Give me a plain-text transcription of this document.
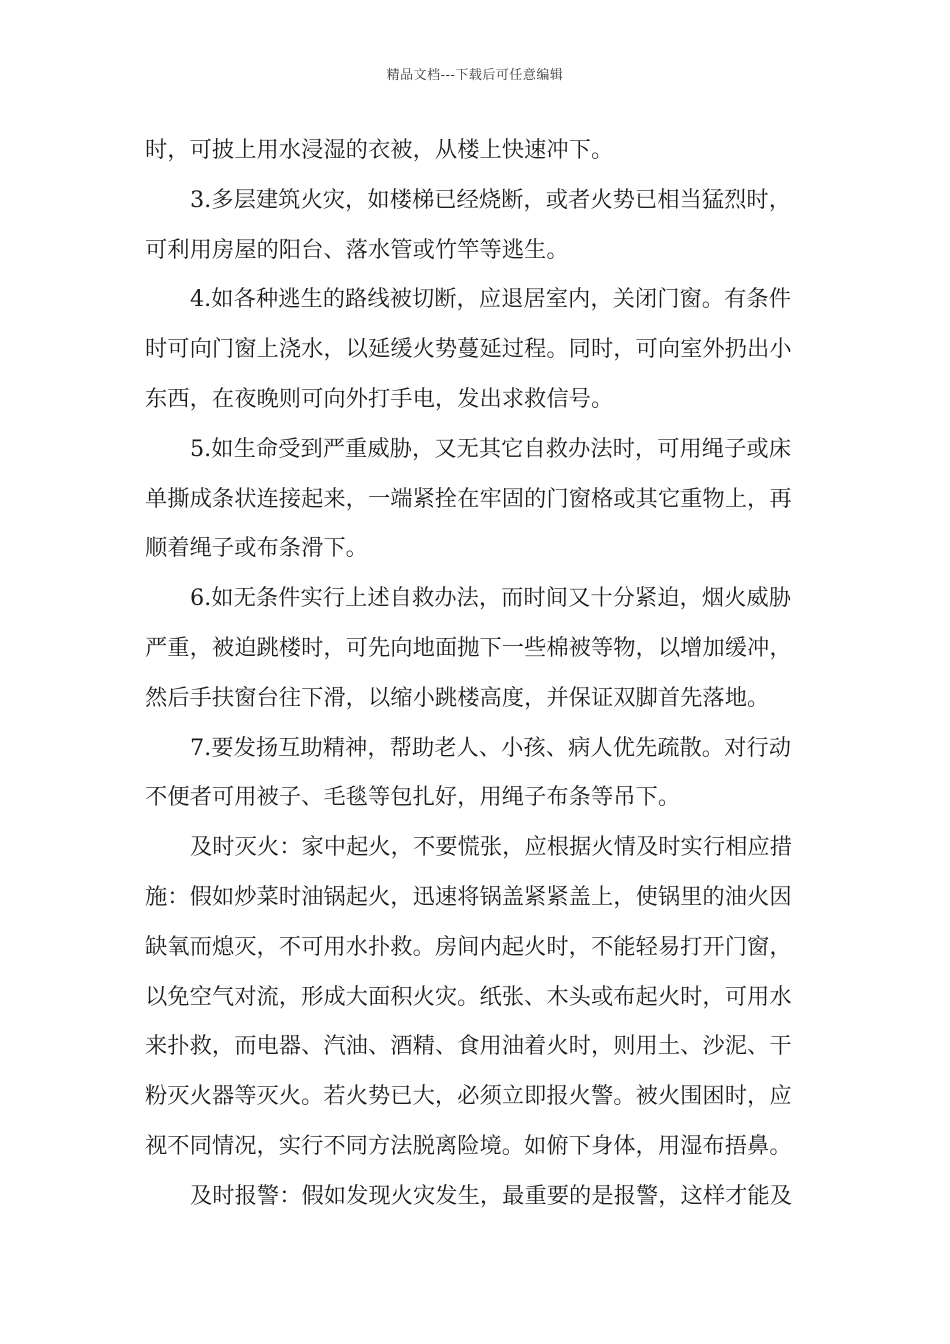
精品文档---下载后可任意编辑
时，可披上用水浸湿的衣被，从楼上快速冲下。
3.多层建筑火灾，如楼梯已经烧断，或者火势已相当猛烈时，
可利用房屋的阳台、落水管或竹竿等逃生。
4.如各种逃生的路线被切断，应退居室内，关闭门窗。有条件
时可向门窗上浇水，以延缓火势蔓延过程。同时，可向室外扔出小
东西，在夜晚则可向外打手电，发出求救信号。
5.如生命受到严重威胁，又无其它自救办法时，可用绳子或床
单撕成条状连接起来，一端紧拴在牢固的门窗格或其它重物上，再
顺着绳子或布条滑下。
6.如无条件实行上述自救办法，而时间又十分紧迫，烟火威胁
严重，被迫跳楼时，可先向地面抛下一些棉被等物，以增加缓冲，
然后手扶窗台往下滑，以缩小跳楼高度，并保证双脚首先落地。
7.要发扬互助精神，帮助老人、小孩、病人优先疏散。对行动
不便者可用被子、毛毯等包扎好，用绳子布条等吊下。
及时灭火：家中起火，不要慌张，应根据火情及时实行相应措
施：假如炒菜时油锅起火，迅速将锅盖紧紧盖上，使锅里的油火因
缺氧而熄灭，不可用水扑救。房间内起火时，不能轻易打开门窗，
以免空气对流，形成大面积火灾。纸张、木头或布起火时，可用水
来扑救，而电器、汽油、酒精、食用油着火时，则用土、沙泥、干
粉灭火器等灭火。若火势已大，必须立即报火警。被火围困时，应
视不同情况，实行不同方法脱离险境。如俯下身体，用湿布捂鼻。
及时报警：假如发现火灾发生，最重要的是报警，这样才能及
